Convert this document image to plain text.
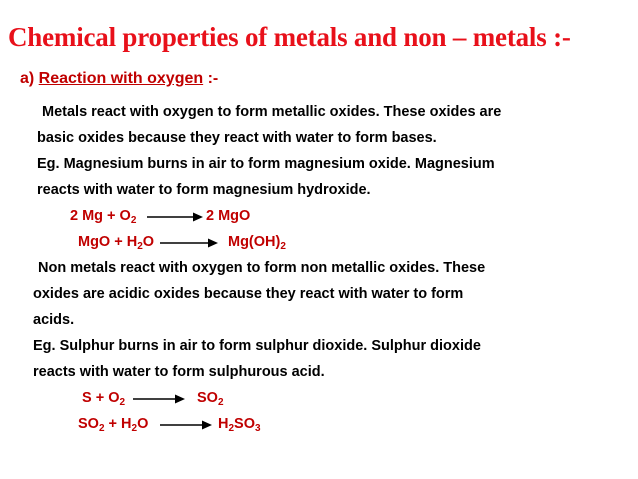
Chemical properties of metals and non – metals :-
a) Reaction with oxygen :-
Metals react with oxygen to form metallic oxides. These oxides are
basic oxides because they react with water to form bases.
Eg. Magnesium burns in air to form magnesium oxide. Magnesium
reacts with water to form magnesium hydroxide.
2 $Mg + O_2 \to 2$ MgO
MgO + $H_2O \to Mg(OH)_2$
Non metals react with oxygen to form non metallic oxides. These
oxides are acidic oxides because they react with water to form
acids.
Eg. Sulphur burns in air to form sulphur dioxide. Sulphur dioxide
reacts with water to form sulphurous acid.
$S + O_2 \to SO_2$
$SO_2 + H_2O \to H_2SO_3$
